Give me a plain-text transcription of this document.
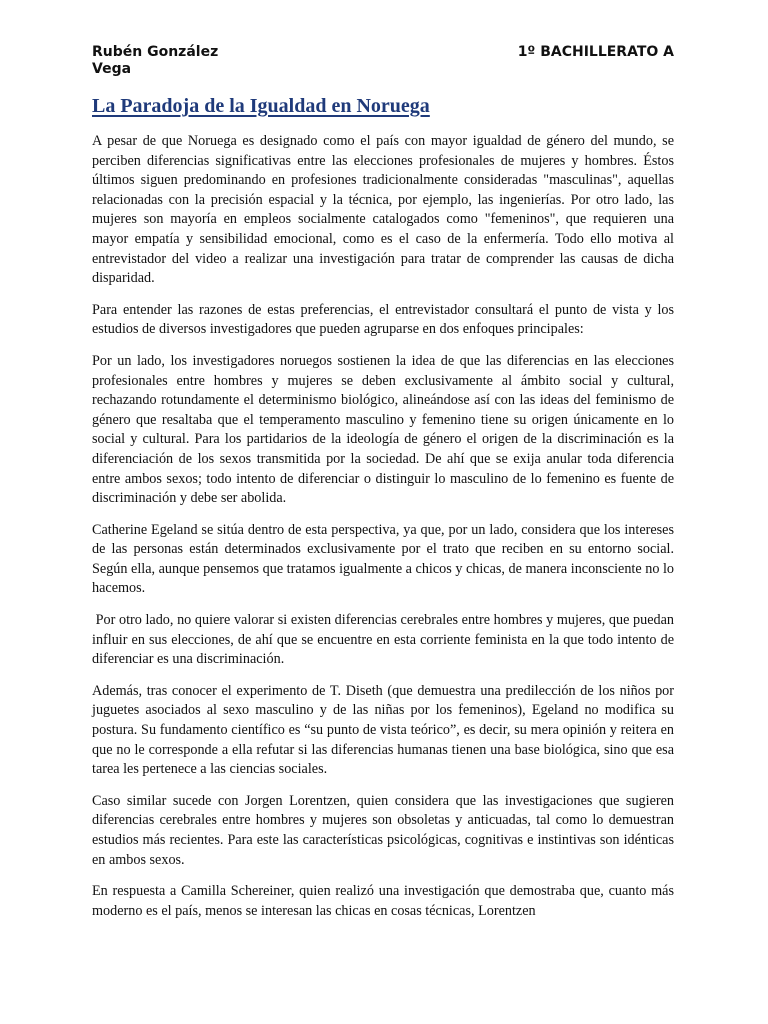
Rubén González Vega
1º BACHILLERATO A
La Paradoja de la Igualdad en Noruega

A pesar de que Noruega es designado como el país con mayor igualdad de género del mundo, se perciben diferencias significativas entre las elecciones profesionales de mujeres y hombres. Éstos últimos siguen predominando en profesiones tradicionalmente consideradas "masculinas", aquellas relacionadas con la precisión espacial y la técnica, por ejemplo, las ingenierías. Por otro lado, las mujeres son mayoría en empleos socialmente catalogados como "femeninos", que requieren una mayor empatía y sensibilidad emocional, como es el caso de la enfermería. Todo ello motiva al entrevistador del video a realizar una investigación para tratar de comprender las causas de dicha disparidad.

Para entender las razones de estas preferencias, el entrevistador consultará el punto de vista y los estudios de diversos investigadores que pueden agruparse en dos enfoques principales:

Por un lado, los investigadores noruegos sostienen la idea de que las diferencias en las elecciones profesionales entre hombres y mujeres se deben exclusivamente al ámbito social y cultural, rechazando rotundamente el determinismo biológico, alineándose así con las ideas del feminismo de género que resaltaba que el temperamento masculino y femenino tiene su origen únicamente en lo social y cultural. Para los partidarios de la ideología de género el origen de la discriminación es la diferenciación de los sexos transmitida por la sociedad. De ahí que se exija anular toda diferencia entre ambos sexos; todo intento de diferenciar o distinguir lo masculino de lo femenino es fuente de discriminación y debe ser abolida.

Catherine Egeland se sitúa dentro de esta perspectiva, ya que, por un lado, considera que los intereses de las personas están determinados exclusivamente por el trato que reciben en su entorno social. Según ella, aunque pensemos que tratamos igualmente a chicos y chicas, de manera inconsciente no lo hacemos.

Por otro lado, no quiere valorar si existen diferencias cerebrales entre hombres y mujeres, que puedan influir en sus elecciones, de ahí que se encuentre en esta corriente feminista en la que todo intento de diferenciar es una discriminación.

Además, tras conocer el experimento de T. Diseth (que demuestra una predilección de los niños por juguetes asociados al sexo masculino y de las niñas por los femeninos), Egeland no modifica su postura. Su fundamento científico es “su punto de vista teórico”, es decir, su mera opinión y reitera en que no le corresponde a ella refutar si las diferencias humanas tienen una base biológica, sino que esa tarea les pertenece a las ciencias sociales.

Caso similar sucede con Jorgen Lorentzen, quien considera que las investigaciones que sugieren diferencias cerebrales entre hombres y mujeres son obsoletas y anticuadas, tal como lo demuestran estudios más recientes. Para este las características psicológicas, cognitivas e instintivas son idénticas en ambos sexos.

En respuesta a Camilla Schereiner, quien realizó una investigación que demostraba que, cuanto más moderno es el país, menos se interesan las chicas en cosas técnicas, Lorentzen
